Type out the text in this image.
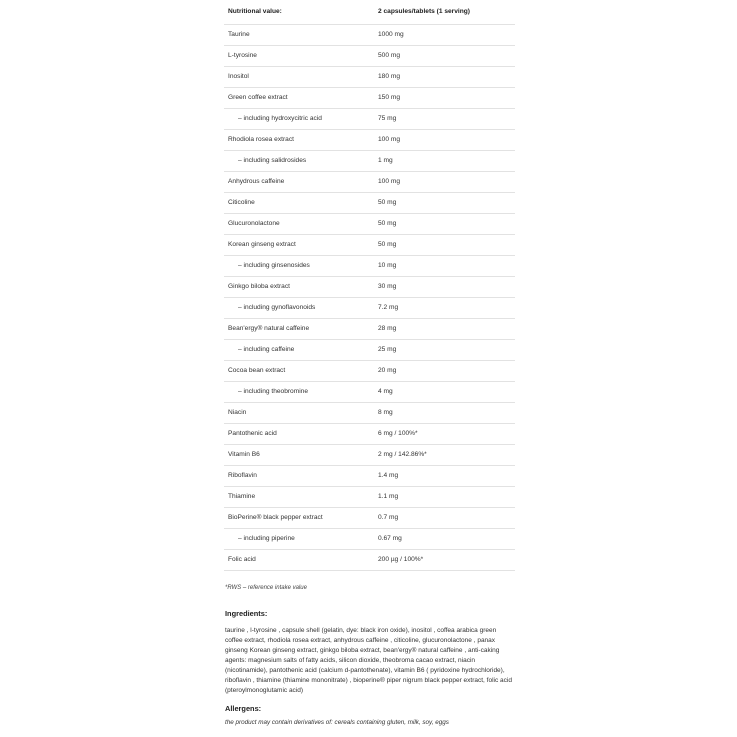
Nutritional value:	2 capsules/tablets (1 serving)
Taurine	1000 mg
L-tyrosine	500 mg
Inositol	180 mg
Green coffee extract	150 mg
– including hydroxycitric acid	75 mg
Rhodiola rosea extract	100 mg
– including salidrosides	1 mg
Anhydrous caffeine	100 mg
Citicoline	50 mg
Glucuronolactone	50 mg
Korean ginseng extract	50 mg
– including ginsenosides	10 mg
Ginkgo biloba extract	30 mg
– including gynoflavonoids	7.2 mg
Bean'ergy® natural caffeine	28 mg
– including caffeine	25 mg
Cocoa bean extract	20 mg
– including theobromine	4 mg
Niacin	8 mg
Pantothenic acid	6 mg / 100%*
Vitamin B6	2 mg / 142.86%*
Riboflavin	1.4 mg
Thiamine	1.1 mg
BioPerine® black pepper extract	0.7 mg
– including piperine	0.67 mg
Folic acid	200 µg / 100%*
*RWS – reference intake value
Ingredients:
taurine , l-tyrosine , capsule shell (gelatin, dye: black iron oxide), inositol , coffea arabica green coffee extract, rhodiola rosea extract, anhydrous caffeine , citicoline, glucuronolactone , panax ginseng Korean ginseng extract, ginkgo biloba extract, bean'ergy® natural caffeine , anti-caking agents: magnesium salts of fatty acids, silicon dioxide, theobroma cacao extract, niacin (nicotinamide), pantothenic acid (calcium d-pantothenate), vitamin B6 ( pyridoxine hydrochloride), riboflavin , thiamine (thiamine mononitrate) , bioperine® piper nigrum black pepper extract, folic acid (pteroylmonoglutamic acid)
Allergens:
the product may contain derivatives of: cereals containing gluten, milk, soy, eggs
